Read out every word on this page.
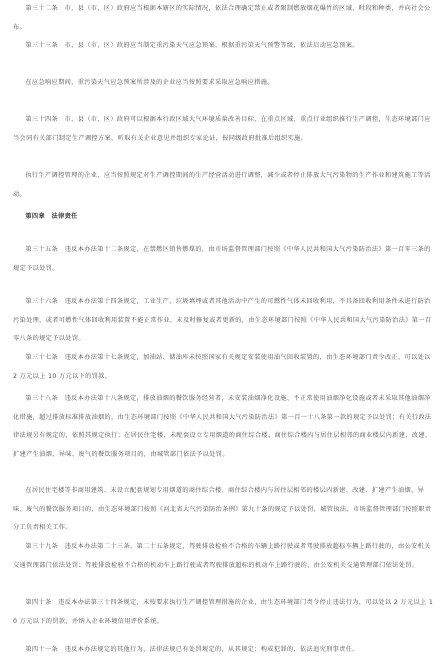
第三十二条　市、县（市、区）政府应当根据本辖区的实际情况，依法合理确定禁止或者限制燃放烟花爆竹的区域、时段和种类，并向社会公布。

第三十三条　市、县（市、区）政府应当制定重污染天气应急预案，根据重污染天气预警等级，依法启动应急预案。

在应急响应期间，重污染天气应急预案所涉及的企业应当按照要求采取应急响应措施。

第三十四条　市、县（市、区）政府可以根据本行政区域大气环境质量改善目标，在重点区域、重点行业组织推行生产调控，生态环境部门应当会同有关部门制定生产调控方案，听取有关企业意见并组织专家论证，报同级政府批准后组织实施。

执行生产调控管理的企业，应当按照规定对生产调控期间的生产经营活动进行调整，减少或者停止排放大气污染物的生产作业和建筑施工等活动。

第四章　法律责任

第三十五条　违反本办法第十二条规定，在禁燃区销售燃煤的，由市场监督管理部门按照《中华人民共和国大气污染防治法》第一百零三条的规定予以处罚。

第三十六条　违反本办法第十四条规定，工业生产、垃圾填埋或者其他活动中产生的可燃性气体未回收利用，不具备回收利用条件未进行防治污染处理，或者可燃性气体回收利用装置不能正常作业，未及时修复或者更新的，由生态环境部门按照《中华人民共和国大气污染防治法》第一百零八条的规定予以处罚。

第三十七条　违反本办法第十七条规定，加油站、储油库未按照国家有关规定安装使用油气回收装置的，由生态环境部门责令改正，可以处以 2 万元以上 10 万元以下的罚款。

第三十八条　违反本办法第十八条规定，排放油烟的餐饮服务经营者，未安装油烟净化设施、不正常使用油烟净化设施或者未采取其他油烟净化措施，超过排放标准排放油烟的，由生态环境部门按照《中华人民共和国大气污染防治法》第一百一十八条第一款的规定予以处罚；有关行政法律法规另有规定的，依照其规定执行；在居民住宅楼、未配套设立专用烟道的商住综合楼、商住综合楼内与居住层相邻的商业楼层内新建、改建、扩建产生油烟、异味、废气的餐饮服务项目的，由城管部门依法予以处罚。

在居民住宅楼等非商用建筑、未设立配套规划专用烟道的商住综合楼、商住综合楼内与居住层相邻的楼层内新建、改建、扩建产生油烟、异味、废气的餐饮服务项目的，由生态环境部门按照《河北省大气污染防治条例》第九十条的规定予以处罚，城管执法、市场监督管理部门按照职责分工负责相关工作。

第三十九条　违反本办法第二十三条、第二十五条规定，驾驶排放检验不合格的车辆上路行驶或者驾驶排放超标车辆上路行驶的，由公安机关交通管理部门依法处罚；驾驶排放检验不合格的机动车上路行驶或者驾驶排放超标的机动车上路行驶的，由公安机关交通管理部门依法处罚。

第四十条　违反本办法第三十四条规定，未按要求执行生产调控管理措施的企业，由生态环境部门责令停止违法行为，可以处以 2 万元以上 10 万元以下的罚款，并纳入企业环境信用评价系统。

第四十一条　违反本办法规定的其他行为，法律法规已有处罚规定的，从其规定；构成犯罪的，依法追究刑事责任。
